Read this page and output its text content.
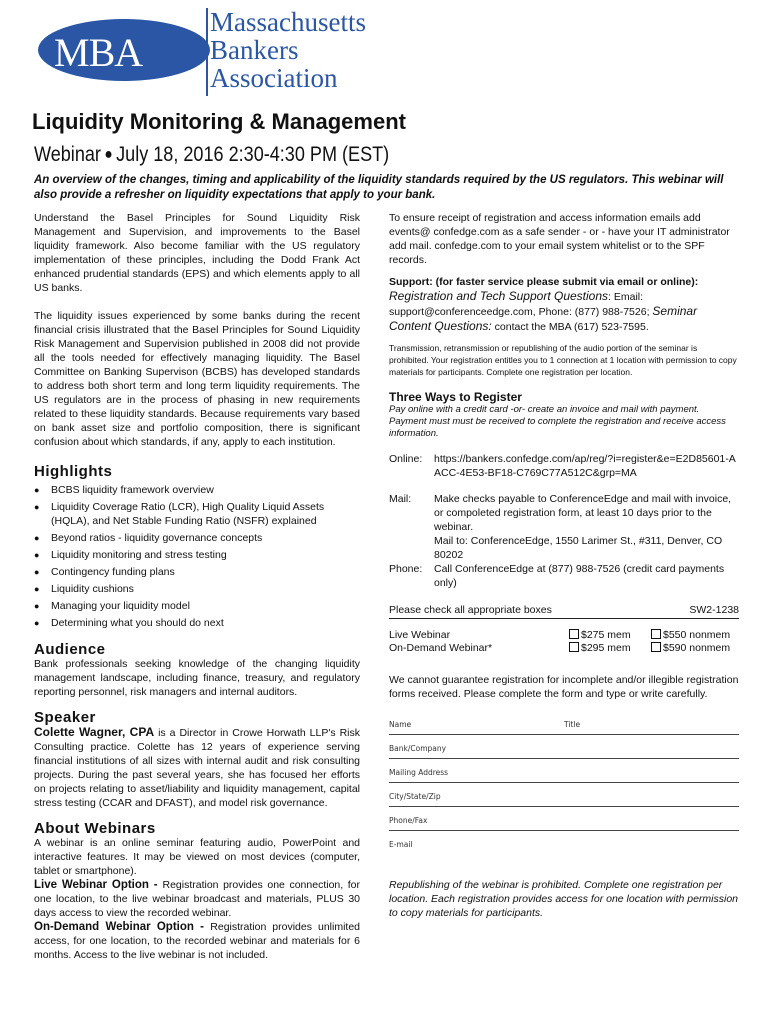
MBA
Massachusetts
Bankers
Association
Liquidity Monitoring & Management
Webinar ● July 18, 2016 2:30-4:30 PM (EST)
An overview of the changes, timing and applicability of the liquidity standards required by the US regulators. This webinar will also provide a refresher on liquidity expectations that apply to your bank.
Understand the Basel Principles for Sound Liquidity Risk Management and Supervision, and improvements to the Basel liquidity framework. Also become familiar with the US regulatory implementation of these principles, including the Dodd Frank Act enhanced prudential standards (EPS) and which elements apply to all US banks.
The liquidity issues experienced by some banks during the recent financial crisis illustrated that the Basel Principles for Sound Liquidity Risk Management and Supervision published in 2008 did not provide all the tools needed for effectively managing liquidity. The Basel Committee on Banking Supervison (BCBS) has developed standards to address both short term and long term liquidity requirements. The US regulators are in the process of phasing in new requirements related to these liquidity standards. Because requirements vary based on bank asset size and portfolio composition, there is significant confusion about which standards, if any, apply to each institution.
Highlights
● BCBS liquidity framework overview
● Liquidity Coverage Ratio (LCR), High Quality Liquid Assets (HQLA), and Net Stable Funding Ratio (NSFR) explained
● Beyond ratios - liquidity governance concepts
● Liquidity monitoring and stress testing
● Contingency funding plans
● Liquidity cushions
● Managing your liquidity model
● Determining what you should do next
Audience
Bank professionals seeking knowledge of the changing liquidity management landscape, including finance, treasury, and regulatory reporting personnel, risk managers and internal auditors.
Speaker
Colette Wagner, CPA is a Director in Crowe Horwath LLP's Risk Consulting practice. Colette has 12 years of experience serving financial institutions of all sizes with internal audit and risk consulting projects. During the past several years, she has focused her efforts on projects relating to asset/liability and liquidity management, capital stress testing (CCAR and DFAST), and model risk governance.
About Webinars
A webinar is an online seminar featuring audio, PowerPoint and interactive features. It may be viewed on most devices (computer, tablet or smartphone).
Live Webinar Option - Registration provides one connection, for one location, to the live webinar broadcast and materials, PLUS 30 days access to view the recorded webinar.
On-Demand Webinar Option - Registration provides unlimited access, for one location, to the recorded webinar and materials for 6 months. Access to the live webinar is not included.
To ensure receipt of registration and access information emails add events@ confedge.com as a safe sender - or - have your IT administrator add mail. confedge.com to your email system whitelist or to the SPF records.
Support: (for faster service please submit via email or online):
Registration and Tech Support Questions: Email: support@conferenceedge.com, Phone: (877) 988-7526; Seminar Content Questions: contact the MBA (617) 523-7595.
Transmission, retransmission or republishing of the audio portion of the seminar is prohibited. Your registration entitles you to 1 connection at 1 location with permission to copy materials for participants. Complete one registration per location.
Three Ways to Register
Pay online with a credit card -or- create an invoice and mail with payment. Payment must must be received to complete the registration and receive access information.
Online:	https://bankers.confedge.com/ap/reg/?i=register&e=E2D85601-AACC-4E53-BF18-C769C77A512C&grp=MA

Mail:	Make checks payable to ConferenceEdge and mail with invoice, or compoleted registration form, at least 10 days prior to the webinar.
Mail to: ConferenceEdge, 1550 Larimer St., #311, Denver, CO 80202

Phone:	Call ConferenceEdge at (877) 988-7526 (credit card payments only)
Please check all appropriate boxes	SW2-1238
Live Webinar	$275 mem	$550 nonmem
On-Demand Webinar*	$295 mem	$590 nonmem
We cannot guarantee registration for incomplete and/or illegible registration forms received. Please complete the form and type or write carefully.
Name	Title
Bank/Company
Mailing Address
City/State/Zip
Phone/Fax
E-mail
Republishing of the webinar is prohibited. Complete one registration per location. Each registration provides access for one location with permission to copy materials for participants.
